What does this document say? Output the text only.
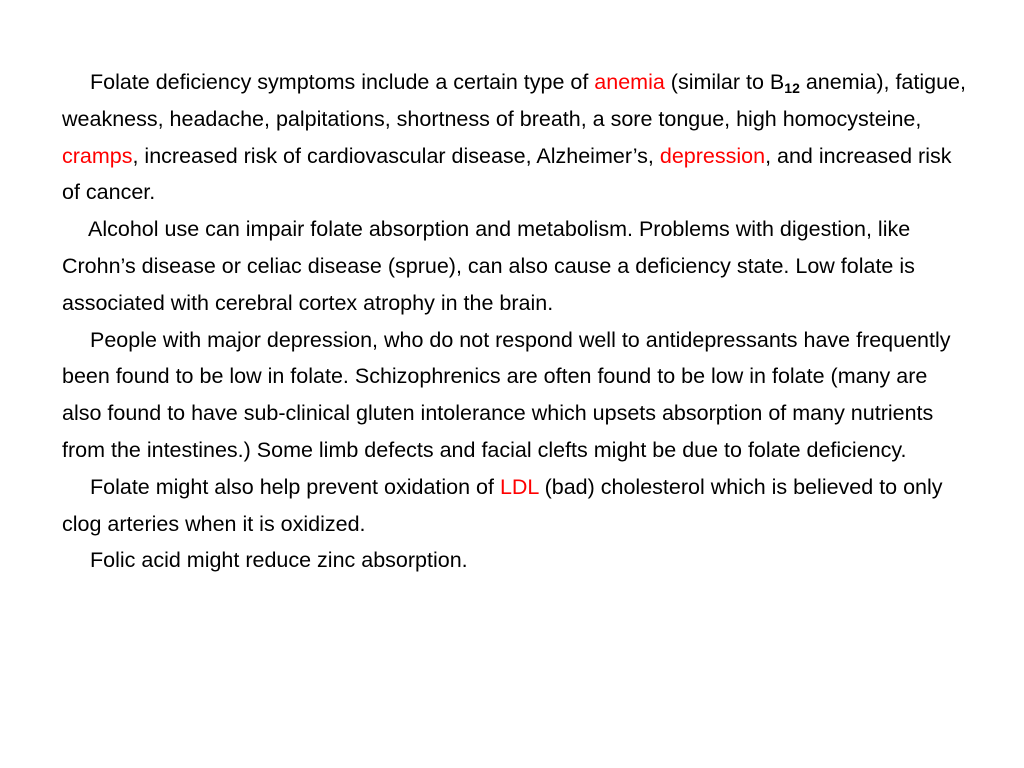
Folate deficiency symptoms include a certain type of anemia (similar to $B_{12}$ anemia), fatigue, weakness, headache, palpitations, shortness of breath, a sore tongue, high homocysteine, cramps, increased risk of cardiovascular disease, Alzheimer’s, depression, and increased risk of cancer.

Alcohol use can impair folate absorption and metabolism. Problems with digestion, like Crohn’s disease or celiac disease (sprue), can also cause a deficiency state. Low folate is associated with cerebral cortex atrophy in the brain.

People with major depression, who do not respond well to antidepressants have frequently been found to be low in folate. Schizophrenics are often found to be low in folate (many are also found to have sub-clinical gluten intolerance which upsets absorption of many nutrients from the intestines.) Some limb defects and facial clefts might be due to folate deficiency.

Folate might also help prevent oxidation of LDL (bad) cholesterol which is believed to only clog arteries when it is oxidized.

Folic acid might reduce zinc absorption.
